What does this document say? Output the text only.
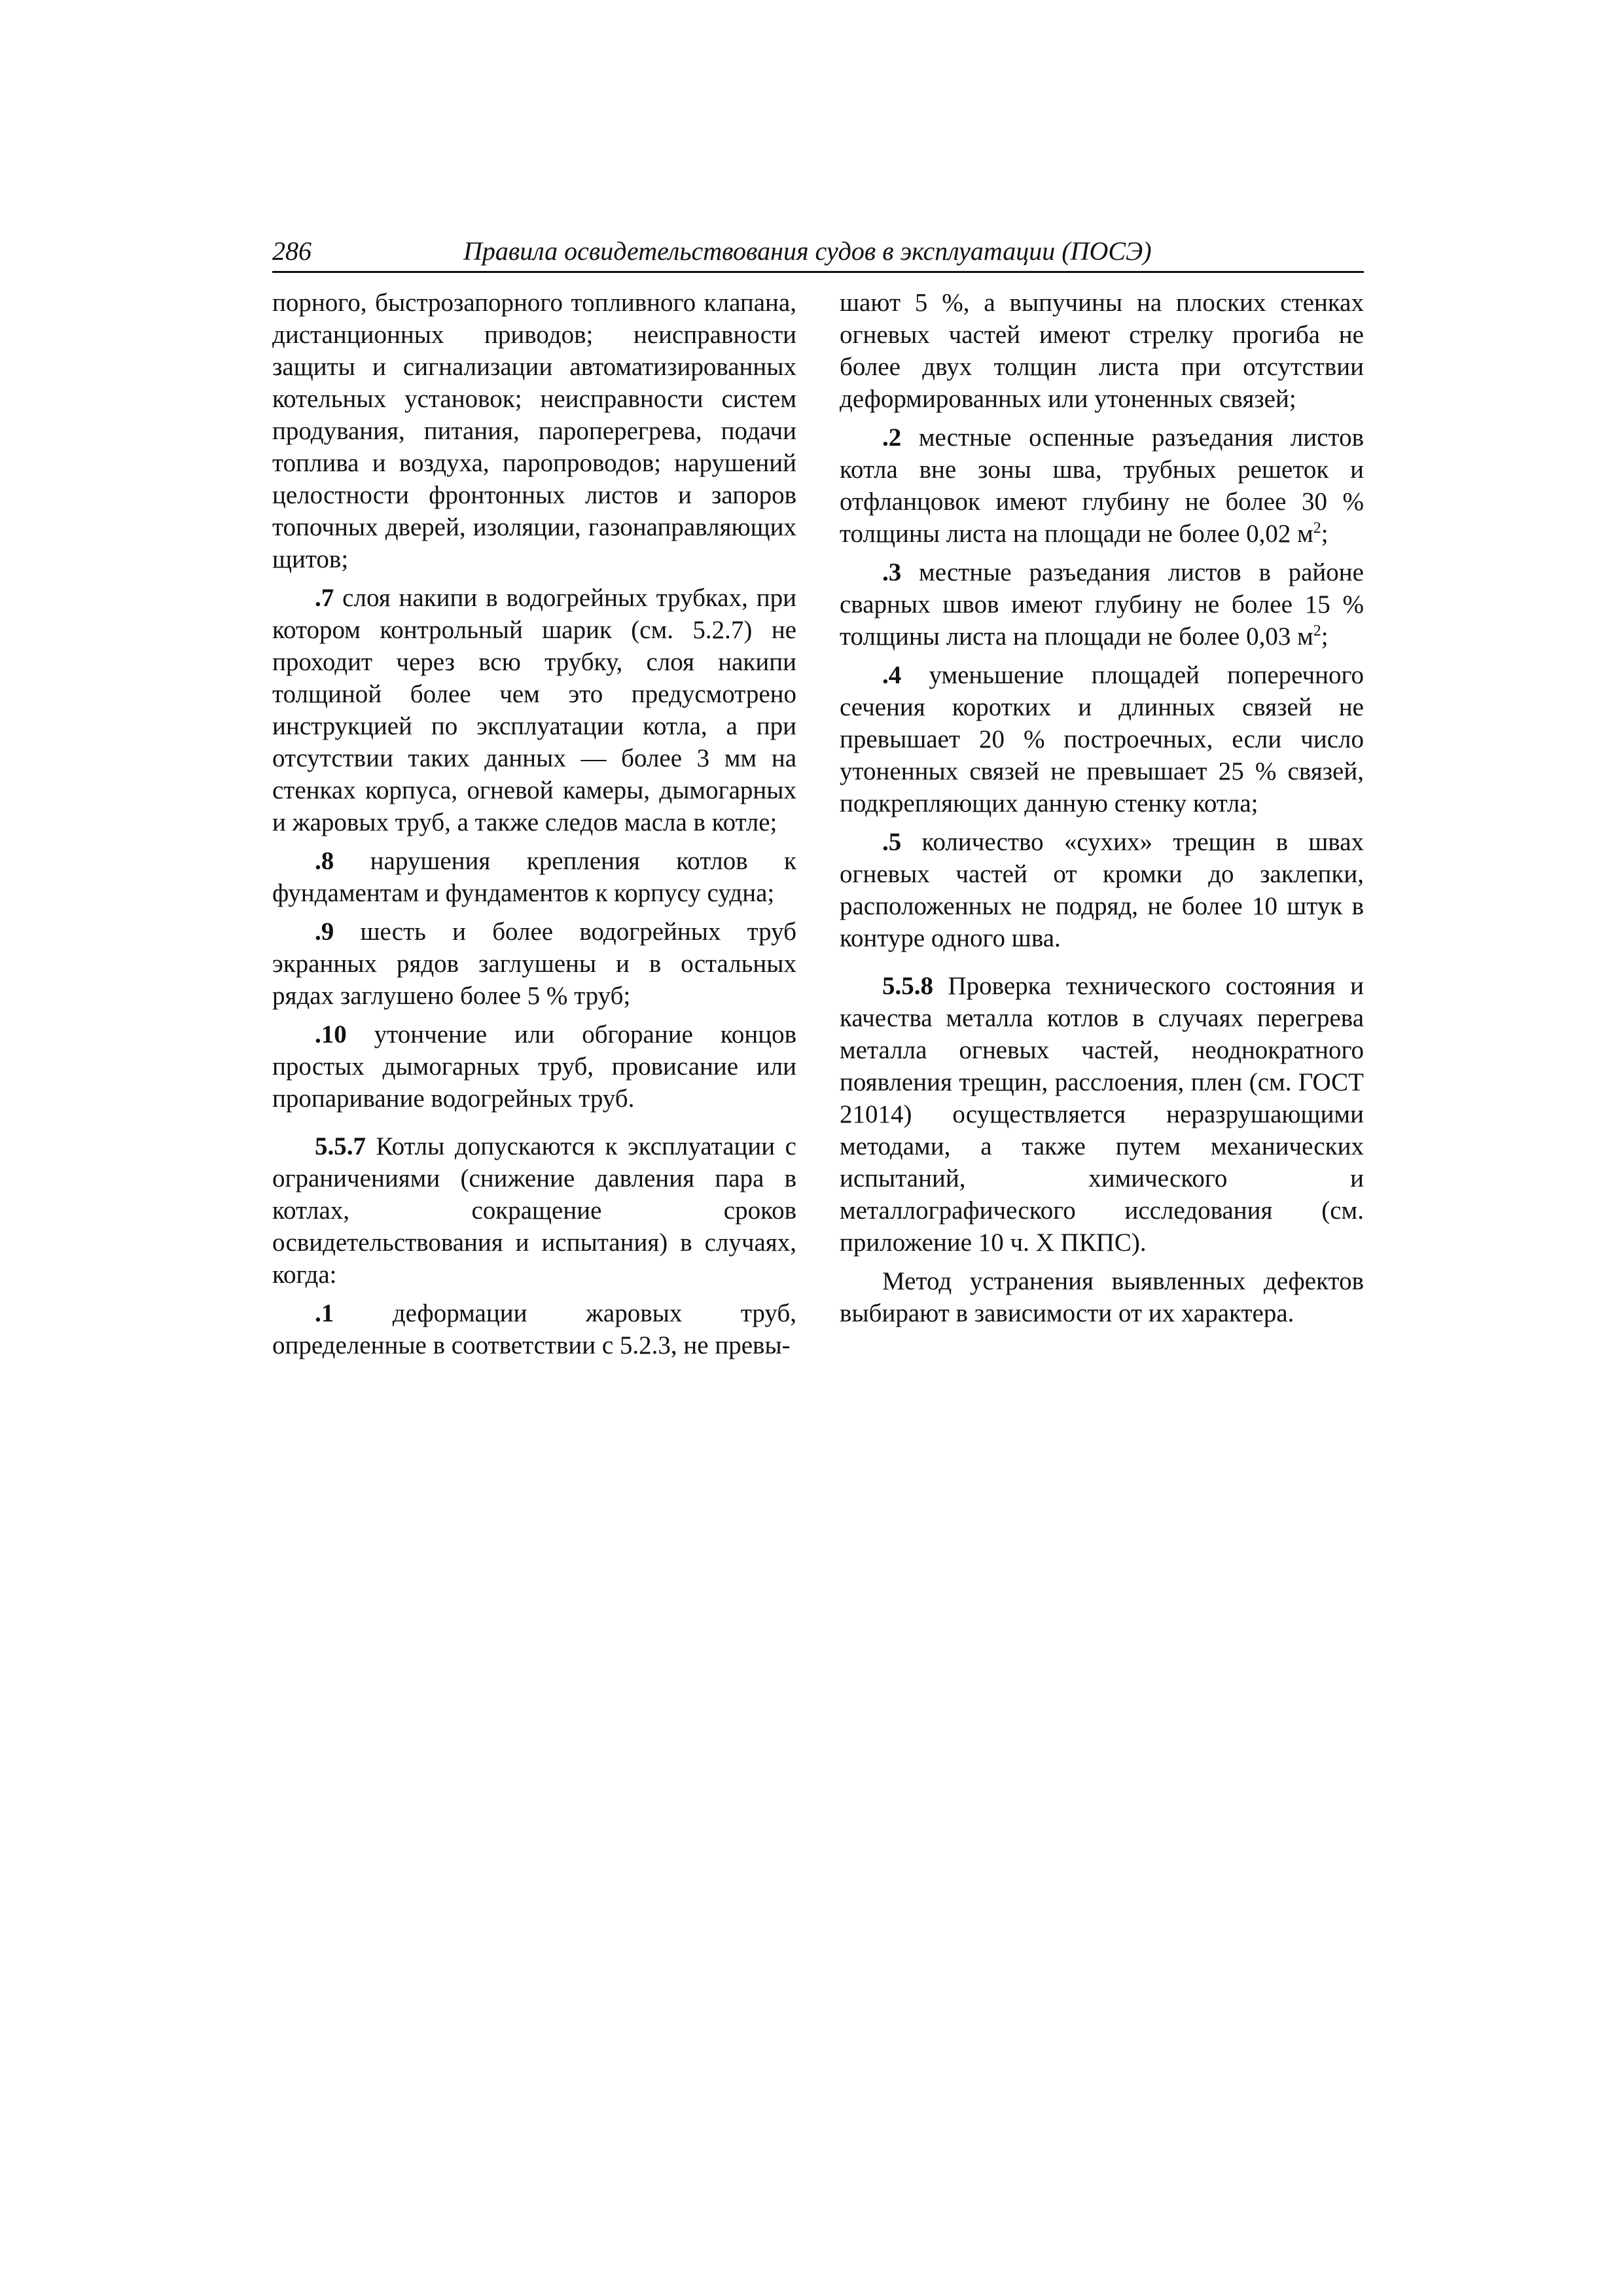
286	Правила освидетельствования судов в эксплуатации (ПОСЭ)

порного, быстрозапорного топливного клапана, дистанционных приводов; неисправности защиты и сигнализации автоматизированных котельных установок; неисправности систем продувания, питания, пароперегрева, подачи топлива и воздуха, паропроводов; нарушений целостности фронтонных листов и запоров топочных дверей, изоляции, газонаправляющих щитов;

.7 слоя накипи в водогрейных трубках, при котором контрольный шарик (см. 5.2.7) не проходит через всю трубку, слоя накипи толщиной более чем это предусмотрено инструкцией по эксплуатации котла, а при отсутствии таких данных — более 3 мм на стенках корпуса, огневой камеры, дымогарных и жаровых труб, а также следов масла в котле;

.8 нарушения крепления котлов к фундаментам и фундаментов к корпусу судна;

.9 шесть и более водогрейных труб экранных рядов заглушены и в остальных рядах заглушено более 5 % труб;

.10 утончение или обгорание концов простых дымогарных труб, провисание или пропаривание водогрейных труб.

5.5.7 Котлы допускаются к эксплуатации с ограничениями (снижение давления пара в котлах, сокращение сроков освидетельствования и испытания) в случаях, когда:

.1 деформации жаровых труб, определенные в соответствии с 5.2.3, не превы-

шают 5 %, а выпучины на плоских стенках огневых частей имеют стрелку прогиба не более двух толщин листа при отсутствии деформированных или утоненных связей;

.2 местные оспенные разъедания листов котла вне зоны шва, трубных решеток и отфланцовок имеют глубину не более 30 % толщины листа на площади не более 0,02 $м^2$;

.3 местные разъедания листов в районе сварных швов имеют глубину не более 15 % толщины листа на площади не более 0,03 $м^2$;

.4 уменьшение площадей поперечного сечения коротких и длинных связей не превышает 20 % построечных, если число утоненных связей не превышает 25 % связей, подкрепляющих данную стенку котла;

.5 количество «сухих» трещин в швах огневых частей от кромки до заклепки, расположенных не подряд, не более 10 штук в контуре одного шва.

5.5.8 Проверка технического состояния и качества металла котлов в случаях перегрева металла огневых частей, неоднократного появления трещин, расслоения, плен (см. ГОСТ 21014) осуществляется неразрушающими методами, а также путем механических испытаний, химического и металлографического исследования (см. приложение 10 ч. X ПКПС).

Метод устранения выявленных дефектов выбирают в зависимости от их характера.
